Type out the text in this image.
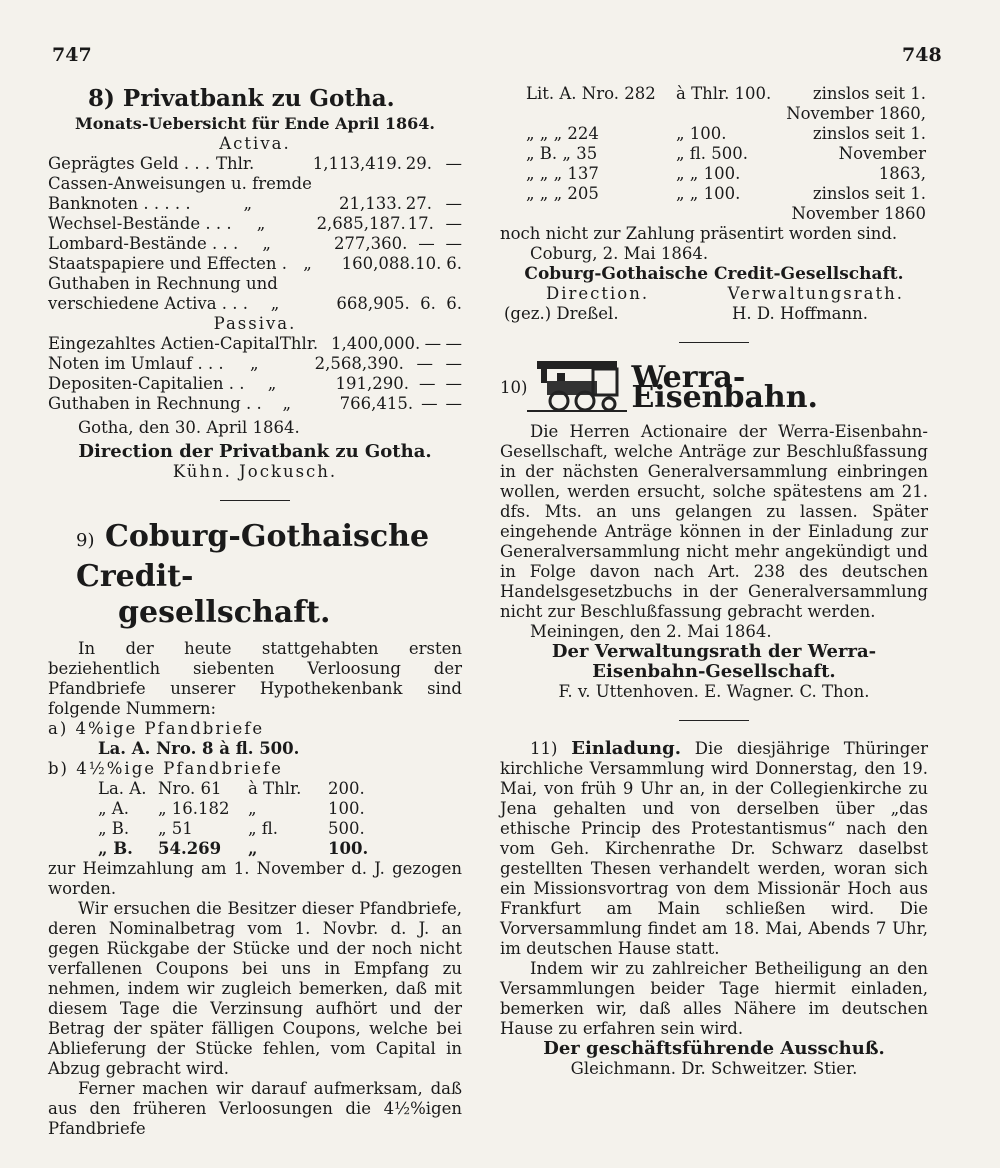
747	748
8) Privatbank zu Gotha.
Monats-Uebersicht für Ende April 1864.
Activa.
Geprägtes Geld . . . Thlr.	1,113,419. 29. —
Cassen-Anweisungen u. fremde
Banknoten . . . . .	„	21,133. 27. —
Wechsel-Bestände . . .	„	2,685,187. 17. —
Lombard-Bestände . . .	„	277,360. — —
Staatspapiere und Effecten . „	160,088. 10. 6.
Guthaben in Rechnung und
verschiedene Activa . . .	„	668,905. 6. 6.
Passiva.
Eingezahltes Actien-Capital Thlr. 1,400,000. — —
Noten im Umlauf . . .	„	2,568,390. — —
Depositen-Capitalien . .	„	191,290. — —
Guthaben in Rechnung . .	„	766,415. — —
Gotha, den 30. April 1864.
Direction der Privatbank zu Gotha.
Kühn. Jockusch.
9) Coburg-Gothaische Credit-
gesellschaft.
In der heute stattgehabten ersten beziehentlich siebenten Verloosung der Pfandbriefe unserer Hypothekenbank sind folgende Nummern:
a) 4%ige Pfandbriefe
La. A. Nro. 8 à fl. 500.
b) 4½%ige Pfandbriefe
La. A. Nro. 61	à Thlr.	200.
„ A.	„ 16.182	„	100.
„ B.	„ 51	„ fl.	500.
„ B.	54.269	„	100.
zur Heimzahlung am 1. November d. J. gezogen worden.
Wir ersuchen die Besitzer dieser Pfandbriefe, deren Nominalbetrag vom 1. Novbr. d. J. an gegen Rückgabe der Stücke und der noch nicht verfallenen Coupons bei uns in Empfang zu nehmen, indem wir zugleich bemerken, daß mit diesem Tage die Verzinsung aufhört und der Betrag der später fälligen Coupons, welche bei Ablieferung der Stücke fehlen, vom Capital in Abzug gebracht wird.
Ferner machen wir darauf aufmerksam, daß aus den früheren Verloosungen die 4½%igen Pfandbriefe
Lit. A. Nro. 282	à Thlr. 100.	zinslos seit 1.
November 1860,
„ „ „ 224	„ 100.	zinslos seit 1.
„ B. „ 35	„ fl. 500.	November
„ „ „ 137	„ „ 100.	1863,
„ „ „ 205	„ „ 100.	zinslos seit 1.
November 1860
noch nicht zur Zahlung präsentirt worden sind.
Coburg, 2. Mai 1864.
Coburg-Gothaische Credit-Gesellschaft.
Direction.	Verwaltungsrath.
(gez.) Dreßel.	H. D. Hoffmann.
10)	Werra-Eisenbahn.
Die Herren Actionaire der Werra-Eisenbahn-Gesellschaft, welche Anträge zur Beschlußfassung in der nächsten Generalversammlung einbringen wollen, werden ersucht, solche spätestens am 21. dfs. Mts. an uns gelangen zu lassen. Später eingehende Anträge können in der Einladung zur Generalversammlung nicht mehr angekündigt und in Folge davon nach Art. 238 des deutschen Handelsgesetzbuchs in der Generalversammlung nicht zur Beschlußfassung gebracht werden.
Meiningen, den 2. Mai 1864.
Der Verwaltungsrath der Werra-
Eisenbahn-Gesellschaft.
F. v. Uttenhoven. E. Wagner. C. Thon.
11) Einladung. Die diesjährige Thüringer kirchliche Versammlung wird Donnerstag, den 19. Mai, von früh 9 Uhr an, in der Collegienkirche zu Jena gehalten und von derselben über „das ethische Princip des Protestantismus“ nach den vom Geh. Kirchenrathe Dr. Schwarz daselbst gestellten Thesen verhandelt werden, woran sich ein Missionsvortrag von dem Missionär Hoch aus Frankfurt am Main schließen wird. Die Vorversammlung findet am 18. Mai, Abends 7 Uhr, im deutschen Hause statt.
Indem wir zu zahlreicher Betheiligung an den Versammlungen beider Tage hiermit einladen, bemerken wir, daß alles Nähere im deutschen Hause zu erfahren sein wird.
Der geschäftsführende Ausschuß.
Gleichmann. Dr. Schweitzer. Stier.
